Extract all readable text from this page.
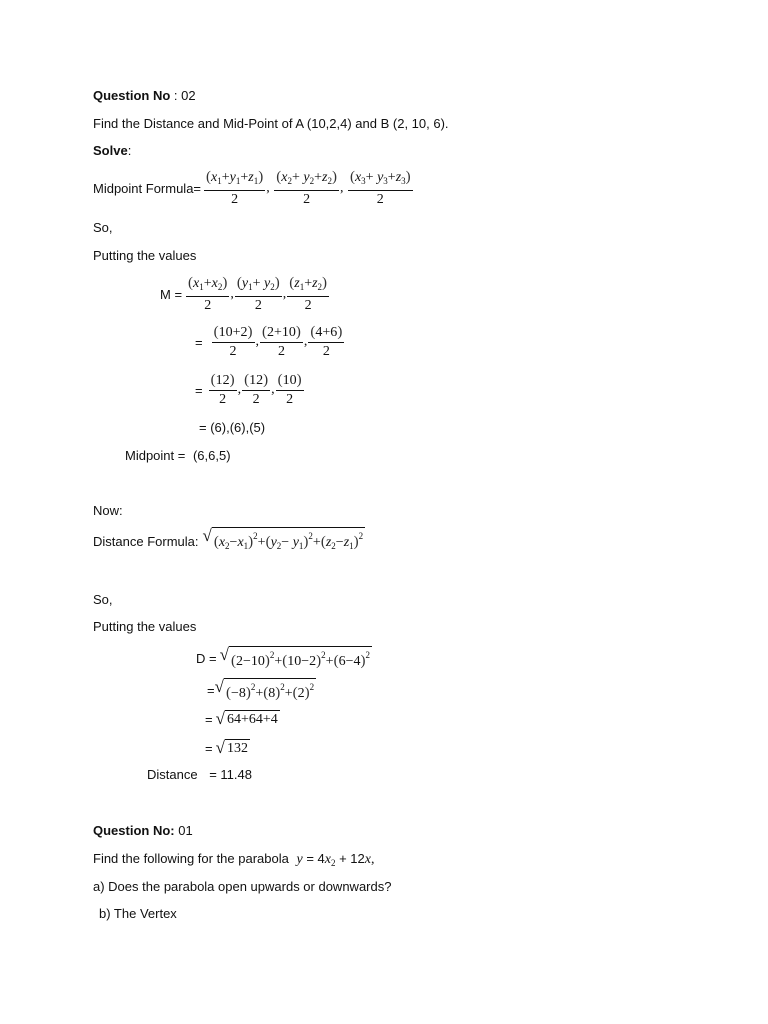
Question No : 02
Find the Distance and Mid-Point of A (10,2,4) and B (2, 10, 6).
Solve:
Midpoint Formula= $\frac{(x_1+y_1+z_1)}{2}$ , $\frac{(x_2+ y_2+z_2)}{2}$ , $\frac{(x_3+ y_3+z_3)}{2}$
So,
Putting the values
$M = \frac{(x_1+x_2)}{2}$ , $\frac{(y_1+ y_2)}{2}$ , $\frac{(z_1+z_2)}{2}$
= $\frac{(10+2)}{2}$ , $\frac{(2+10)}{2}$ , $\frac{(4+6)}{2}$
= $\frac{(12)}{2}$ , $\frac{(12)}{2}$ , $\frac{(10)}{2}$
= (6),(6),(5)
Midpoint = (6,6,5)
Now:
Distance Formula: √ $(x_2-x_1)^2+(y_2- y_1)^2+(z_2-z_1)^2$
So,
Putting the values
D = √ $(2-10)^2+(10-2)^2+(6-4)^2$
= √ $(-8)^2+(8)^2+(2)^2$
= √ 64+64+4
= √ 132
Distance = 11.48
Question No: 01
Find the following for the parabola $y = 4x_2 + 12x$,
a) Does the parabola open upwards or downwards?
b) The Vertex
